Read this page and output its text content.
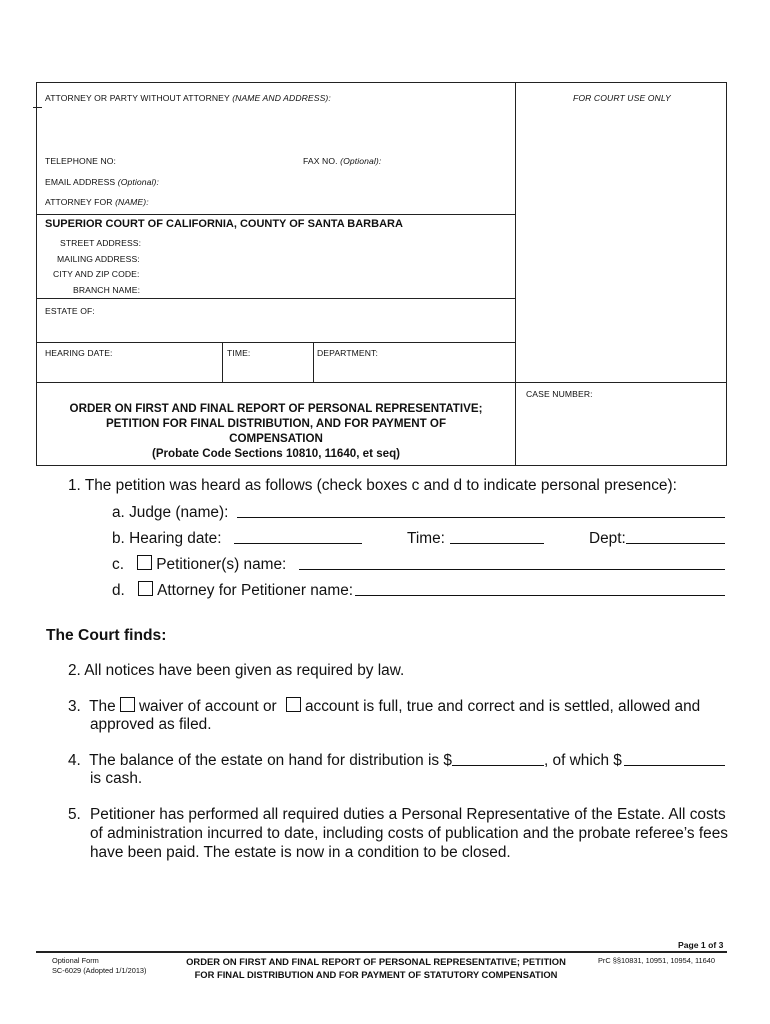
ATTORNEY OR PARTY WITHOUT ATTORNEY (NAME AND ADDRESS):	FOR COURT USE ONLY
TELEPHONE NO:	FAX NO. (Optional):
EMAIL ADDRESS (Optional):
ATTORNEY FOR (NAME):
SUPERIOR COURT OF CALIFORNIA, COUNTY OF SANTA BARBARA
STREET ADDRESS:
MAILING ADDRESS:
CITY AND ZIP CODE:
BRANCH NAME:
ESTATE OF:
HEARING DATE:	TIME:	DEPARTMENT:
CASE NUMBER:
ORDER ON FIRST AND FINAL REPORT OF PERSONAL REPRESENTATIVE;
PETITION FOR FINAL DISTRIBUTION, AND FOR PAYMENT OF
COMPENSATION
(Probate Code Sections 10810, 11640, et seq)
1. The petition was heard as follows (check boxes c and d to indicate personal presence):
a. Judge (name):
b. Hearing date:	Time:	Dept:
c. Petitioner(s) name:
d. Attorney for Petitioner name:
The Court finds:
2. All notices have been given as required by law.
3. The waiver of account or account is full, true and correct and is settled, allowed and
approved as filed.
4. The balance of the estate on hand for distribution is $	, of which $
is cash.
5. Petitioner has performed all required duties a Personal Representative of the Estate. All costs
of administration incurred to date, including costs of publication and the probate referee’s fees
have been paid. The estate is now in a condition to be closed.
Page 1 of 3
Optional Form
SC-6029 (Adopted 1/1/2013)
ORDER ON FIRST AND FINAL REPORT OF PERSONAL REPRESENTATIVE; PETITION
FOR FINAL DISTRIBUTION AND FOR PAYMENT OF STATUTORY COMPENSATION
PrC §§10831, 10951, 10954, 11640
